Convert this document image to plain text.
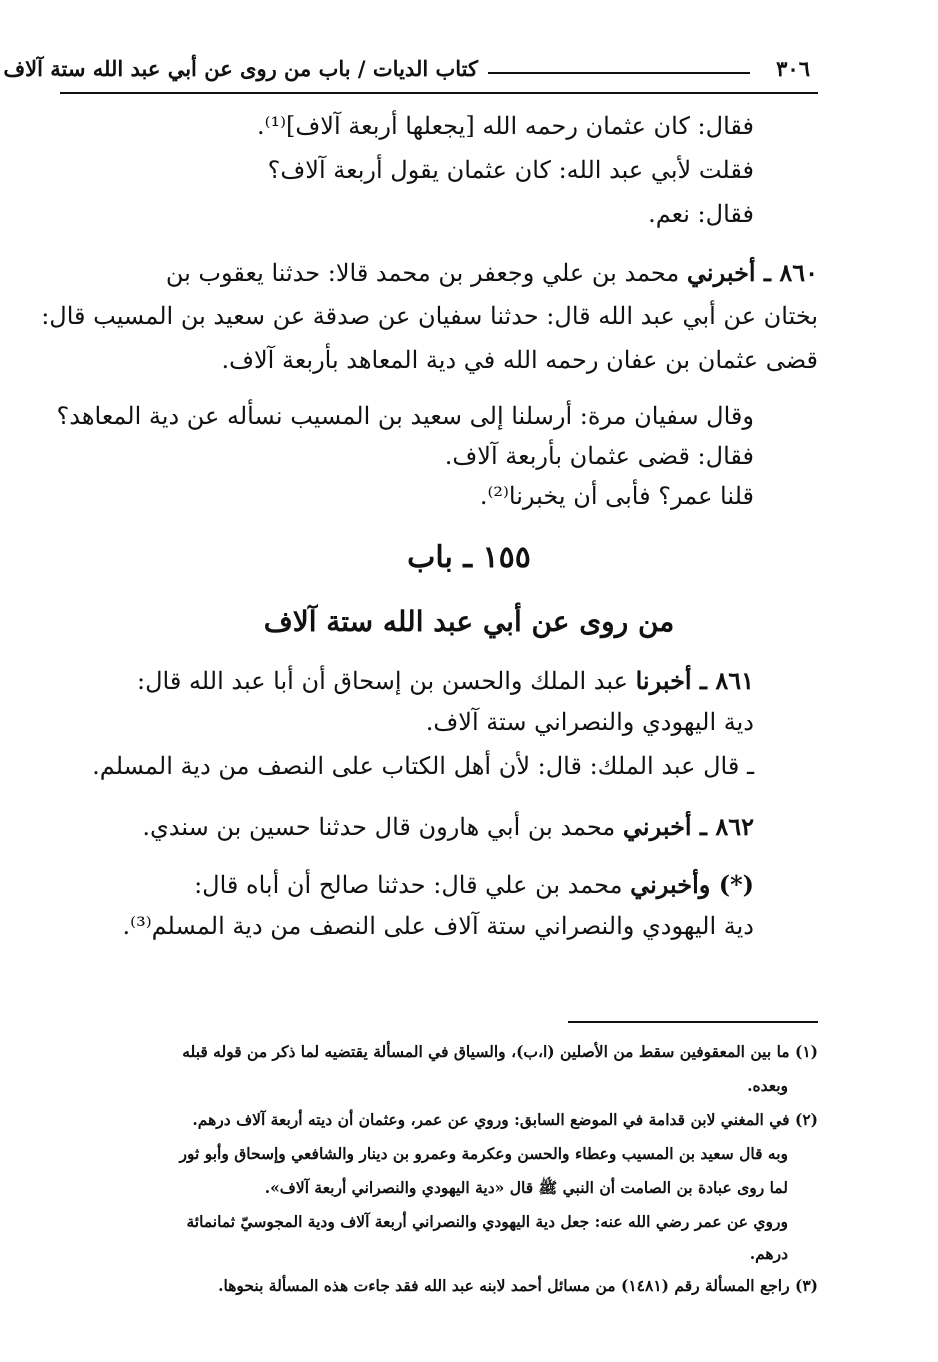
٣٠٦
كتاب الديات / باب من روى عن أبي عبد الله ستة آلاف
فقال: كان عثمان رحمه الله [يجعلها أربعة آلاف]⁽¹⁾.
فقلت لأبي عبد الله: كان عثمان يقول أربعة آلاف؟
فقال: نعم.
٨٦٠ ـ أخبرني محمد بن علي وجعفر بن محمد قالا: حدثنا يعقوب بن
بختان عن أبي عبد الله قال: حدثنا سفيان عن صدقة عن سعيد بن المسيب قال:
قضى عثمان بن عفان رحمه الله في دية المعاهد بأربعة آلاف.
وقال سفيان مرة: أرسلنا إلى سعيد بن المسيب نسأله عن دية المعاهد؟
فقال: قضى عثمان بأربعة آلاف.
قلنا عمر؟ فأبى أن يخبرنا⁽²⁾.
١٥٥ ـ باب
من روى عن أبي عبد الله ستة آلاف
٨٦١ ـ أخبرنا عبد الملك والحسن بن إسحاق أن أبا عبد الله قال:
دية اليهودي والنصراني ستة آلاف.
ـ قال عبد الملك: قال: لأن أهل الكتاب على النصف من دية المسلم.
٨٦٢ ـ أخبرني محمد بن أبي هارون قال حدثنا حسين بن سندي.
(*) وأخبرني محمد بن علي قال: حدثنا صالح أن أباه قال:
دية اليهودي والنصراني ستة آلاف على النصف من دية المسلم⁽³⁾.
(١) ما بين المعقوفين سقط من الأصلين (ا،ب)، والسياق في المسألة يقتضيه لما ذكر من قوله قبله
وبعده.
(٢) في المغني لابن قدامة في الموضع السابق: وروي عن عمر، وعثمان أن ديته أربعة آلاف درهم.
وبه قال سعيد بن المسيب وعطاء والحسن وعكرمة وعمرو بن دينار والشافعي وإسحاق وأبو ثور
لما روى عبادة بن الصامت أن النبي ﷺ قال «دية اليهودي والنصراني أربعة آلاف».
وروي عن عمر رضي الله عنه: جعل دية اليهودي والنصراني أربعة آلاف ودية المجوسيّ ثمانمائة
درهم.
(٣) راجع المسألة رقم (١٤٨١) من مسائل أحمد لابنه عبد الله فقد جاءت هذه المسألة بنحوها.
